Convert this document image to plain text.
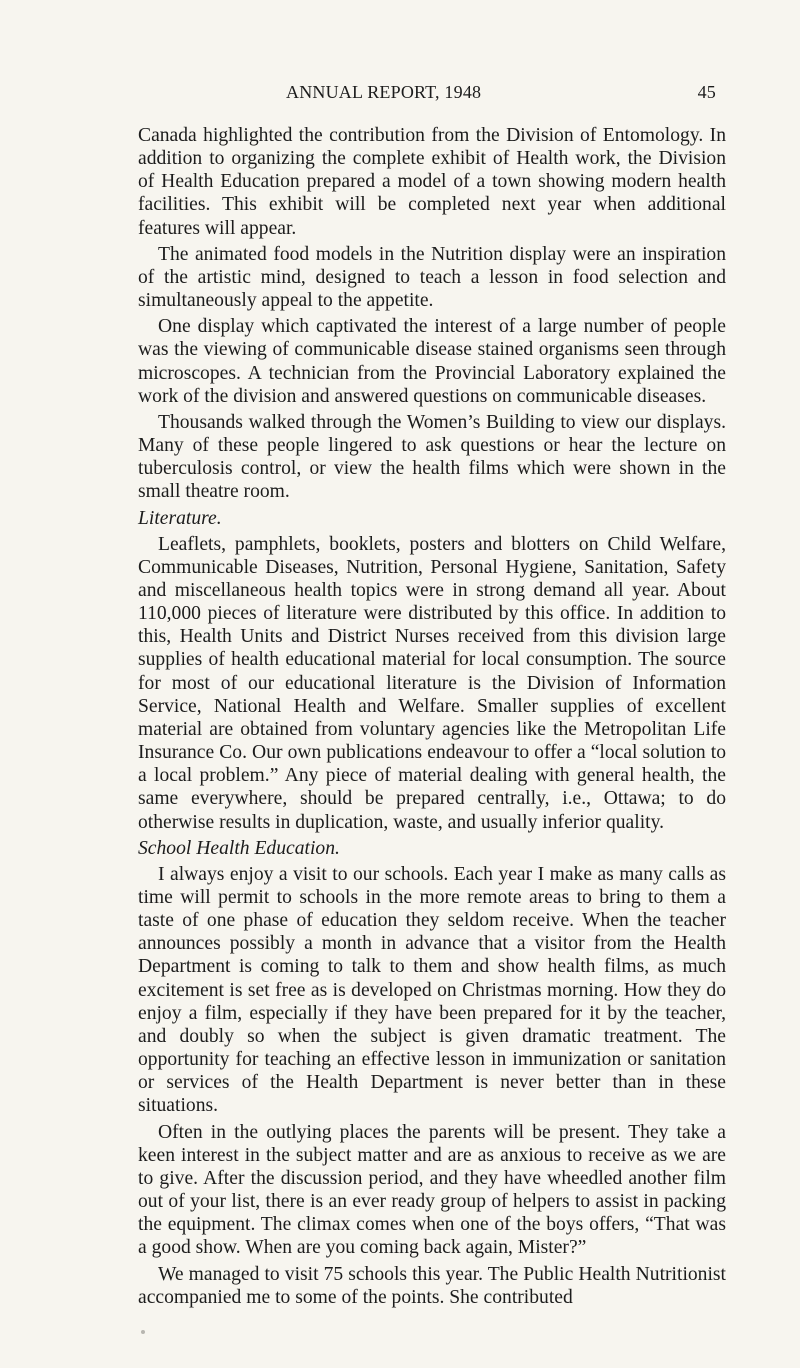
ANNUAL REPORT, 1948	45

Canada highlighted the contribution from the Division of Entomology. In addition to organizing the complete exhibit of Health work, the Division of Health Education prepared a model of a town showing modern health facilities. This exhibit will be completed next year when additional features will appear.

The animated food models in the Nutrition display were an inspiration of the artistic mind, designed to teach a lesson in food selection and simultaneously appeal to the appetite.

One display which captivated the interest of a large number of people was the viewing of communicable disease stained organisms seen through microscopes. A technician from the Provincial Laboratory explained the work of the division and answered questions on communicable diseases.

Thousands walked through the Women’s Building to view our displays. Many of these people lingered to ask questions or hear the lecture on tuberculosis control, or view the health films which were shown in the small theatre room.

Literature.

Leaflets, pamphlets, booklets, posters and blotters on Child Welfare, Communicable Diseases, Nutrition, Personal Hygiene, Sanitation, Safety and miscellaneous health topics were in strong demand all year. About 110,000 pieces of literature were distributed by this office. In addition to this, Health Units and District Nurses received from this division large supplies of health educational material for local consumption. The source for most of our educational literature is the Division of Information Service, National Health and Welfare. Smaller supplies of excellent material are obtained from voluntary agencies like the Metropolitan Life Insurance Co. Our own publications endeavour to offer a “local solution to a local problem.” Any piece of material dealing with general health, the same everywhere, should be prepared centrally, i.e., Ottawa; to do otherwise results in duplication, waste, and usually inferior quality.

School Health Education.

I always enjoy a visit to our schools. Each year I make as many calls as time will permit to schools in the more remote areas to bring to them a taste of one phase of education they seldom receive. When the teacher announces possibly a month in advance that a visitor from the Health Department is coming to talk to them and show health films, as much excitement is set free as is developed on Christmas morning. How they do enjoy a film, especially if they have been prepared for it by the teacher, and doubly so when the subject is given dramatic treatment. The opportunity for teaching an effective lesson in immunization or sanitation or services of the Health Department is never better than in these situations.

Often in the outlying places the parents will be present. They take a keen interest in the subject matter and are as anxious to receive as we are to give. After the discussion period, and they have wheedled another film out of your list, there is an ever ready group of helpers to assist in packing the equipment. The climax comes when one of the boys offers, “That was a good show. When are you coming back again, Mister?”

We managed to visit 75 schools this year. The Public Health Nutritionist accompanied me to some of the points. She contributed
